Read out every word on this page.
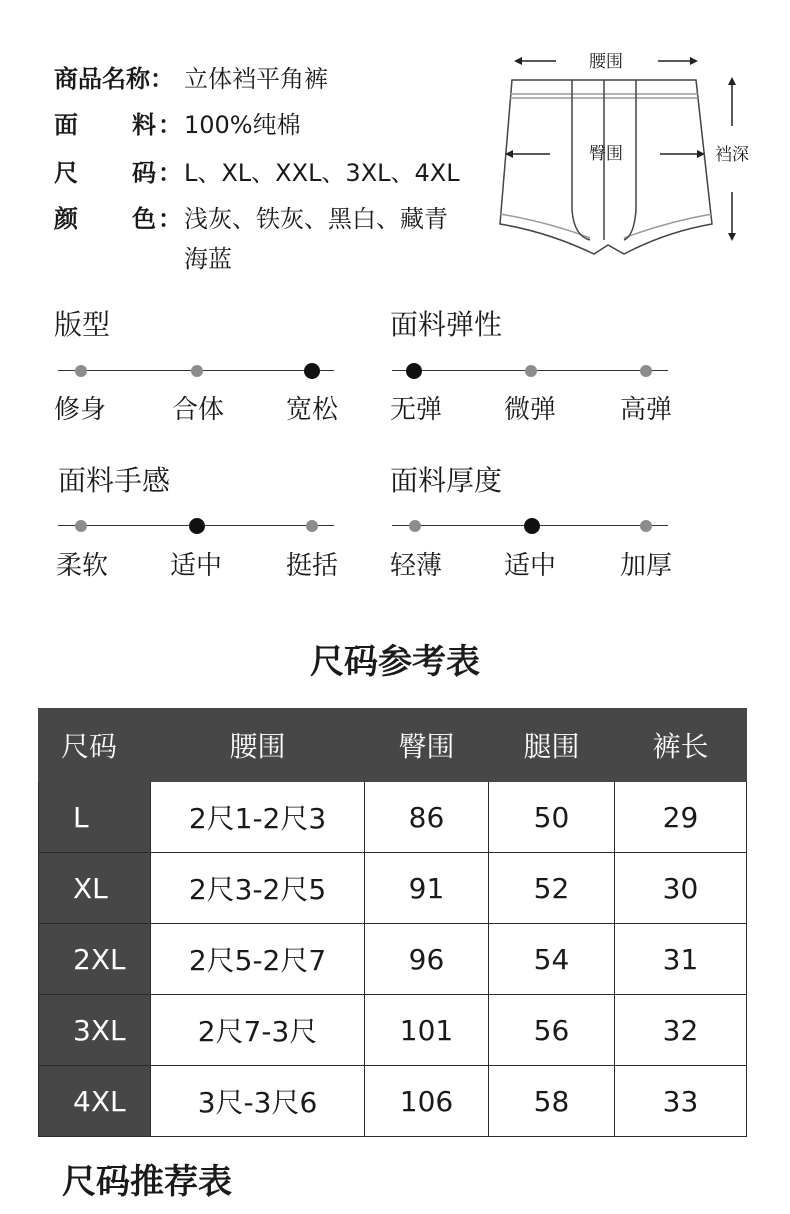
商品名称： 立体裆平角裤
面 料 ： 100%纯棉
尺 码 ： L、XL、XXL、3XL、4XL
颜 色 ： 浅灰、铁灰、黑白、藏青
海蓝
腰围
臀围	裆深
版型
修身	合体 宽松
面料弹性
无弹 微弹 高弹
面料手感
柔软 适中 挺括
面料厚度
轻薄 适中 加厚
尺码参考表
尺码	腰围	臀围	腿围	裤长
L	2尺1-2尺3	86	50	29
XL	2尺3-2尺5	91	52	30
2XL	2尺5-2尺7	96	54	31
3XL	2尺7-3尺	101	56	32
4XL	3尺-3尺6	106	58	33
尺码推荐表
